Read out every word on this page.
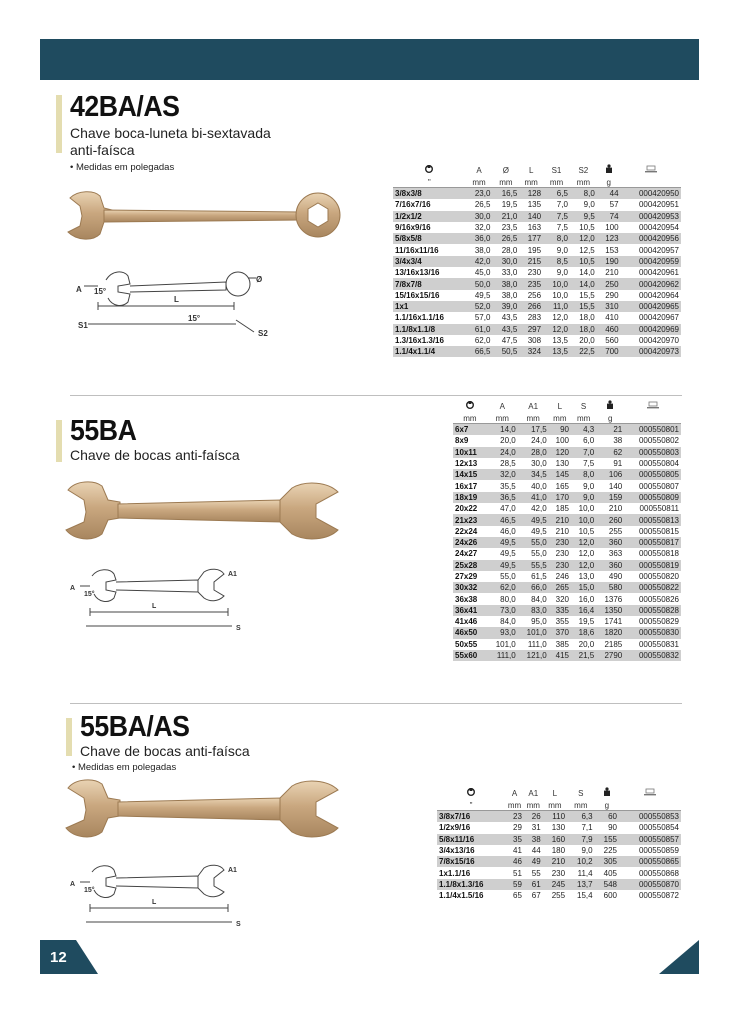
42BA/AS
Chave boca-luneta bi-sextavada
anti-faísca
• Medidas em polegadas
A 15°
Ø
L
S1
15°
S2
	A	Ø	L	S1	S2		
"	mm	mm	mm	mm	mm	g	
3/8x3/8	23,0	16,5	128	6,5	8,0	44	000420950
7/16x7/16	26,5	19,5	135	7,0	9,0	57	000420951
1/2x1/2	30,0	21,0	140	7,5	9,5	74	000420953
9/16x9/16	32,0	23,5	163	7,5	10,5	100	000420954
5/8x5/8	36,0	26,5	177	8,0	12,0	123	000420956
11/16x11/16	38,0	28,0	195	9,0	12,5	153	000420957
3/4x3/4	42,0	30,0	215	8,5	10,5	190	000420959
13/16x13/16	45,0	33,0	230	9,0	14,0	210	000420961
7/8x7/8	50,0	38,0	235	10,0	14,0	250	000420962
15/16x15/16	49,5	38,0	256	10,0	15,5	290	000420964
1x1	52,0	39,0	266	11,0	15,5	310	000420965
1.1/16x1.1/16	57,0	43,5	283	12,0	18,0	410	000420967
1.1/8x1.1/8	61,0	43,5	297	12,0	18,0	460	000420969
1.3/16x1.3/16	62,0	47,5	308	13,5	20,0	560	000420970
1.1/4x1.1/4	66,5	50,5	324	13,5	22,5	700	000420973
55BA
Chave de bocas anti-faísca
A
15°
A1
L
S
	A	A1	L	S		
mm	mm	mm	mm	mm	g	
6x7	14,0	17,5	90	4,3	21	000550801
8x9	20,0	24,0	100	6,0	38	000550802
10x11	24,0	28,0	120	7,0	62	000550803
12x13	28,5	30,0	130	7,5	91	000550804
14x15	32,0	34,5	145	8,0	106	000550805
16x17	35,5	40,0	165	9,0	140	000550807
18x19	36,5	41,0	170	9,0	159	000550809
20x22	47,0	42,0	185	10,0	210	000550811
21x23	46,5	49,5	210	10,0	260	000550813
22x24	46,0	49,5	210	10,5	255	000550815
24x26	49,5	55,0	230	12,0	360	000550817
24x27	49,5	55,0	230	12,0	363	000550818
25x28	49,5	55,5	230	12,0	360	000550819
27x29	55,0	61,5	246	13,0	490	000550820
30x32	62,0	66,0	265	15,0	580	000550822
36x38	80,0	84,0	320	16,0	1376	000550826
36x41	73,0	83,0	335	16,4	1350	000550828
41x46	84,0	95,0	355	19,5	1741	000550829
46x50	93,0	101,0	370	18,6	1820	000550830
50x55	101,0	111,0	385	20,0	2185	000550831
55x60	111,0	121,0	415	21,5	2790	000550832
55BA/AS
Chave de bocas anti-faísca
• Medidas em polegadas
A
15°
A1
L
S
	A	A1	L	S		
"	mm	mm	mm	mm	g	
3/8x7/16	23	26	110	6,3	60	000550853
1/2x9/16	29	31	130	7,1	90	000550854
5/8x11/16	35	38	160	7,9	155	000550857
3/4x13/16	41	44	180	9,0	225	000550859
7/8x15/16	46	49	210	10,2	305	000550865
1x1.1/16	51	55	230	11,4	405	000550868
1.1/8x1.3/16	59	61	245	13,7	548	000550870
1.1/4x1.5/16	65	67	255	15,4	600	000550872
12
